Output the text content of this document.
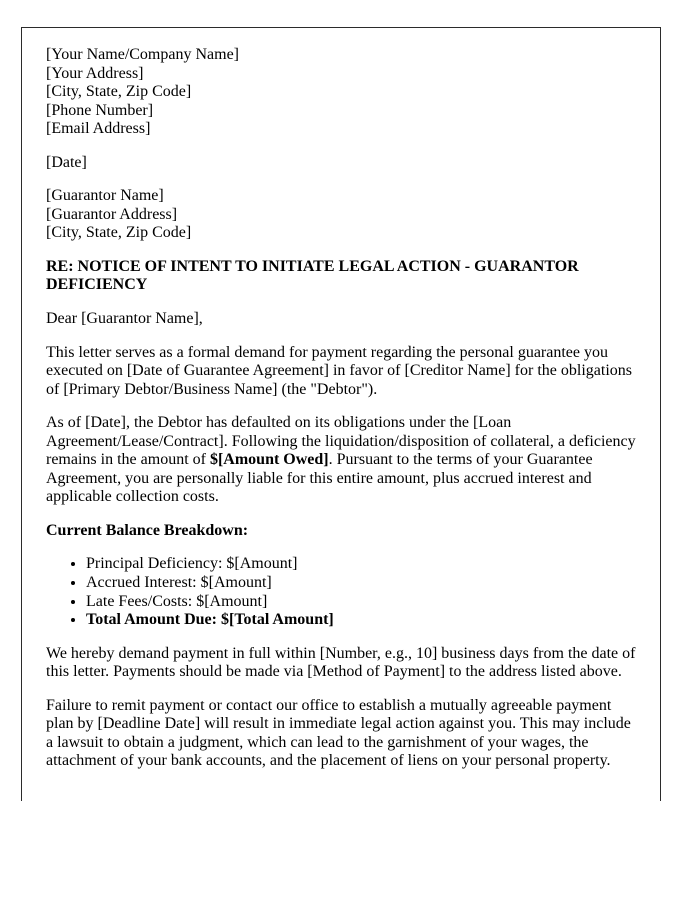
[Your Name/Company Name]
[Your Address]
[City, State, Zip Code]
[Phone Number]
[Email Address]

[Date]

[Guarantor Name]
[Guarantor Address]
[City, State, Zip Code]

RE: NOTICE OF INTENT TO INITIATE LEGAL ACTION - GUARANTOR DEFICIENCY

Dear [Guarantor Name],

This letter serves as a formal demand for payment regarding the personal guarantee you executed on [Date of Guarantee Agreement] in favor of [Creditor Name] for the obligations of [Primary Debtor/Business Name] (the "Debtor").

As of [Date], the Debtor has defaulted on its obligations under the [Loan Agreement/Lease/Contract]. Following the liquidation/disposition of collateral, a deficiency remains in the amount of $[Amount Owed]. Pursuant to the terms of your Guarantee Agreement, you are personally liable for this entire amount, plus accrued interest and applicable collection costs.

Current Balance Breakdown:

• Principal Deficiency: $[Amount]
• Accrued Interest: $[Amount]
• Late Fees/Costs: $[Amount]
• Total Amount Due: $[Total Amount]

We hereby demand payment in full within [Number, e.g., 10] business days from the date of this letter. Payments should be made via [Method of Payment] to the address listed above.

Failure to remit payment or contact our office to establish a mutually agreeable payment plan by [Deadline Date] will result in immediate legal action against you. This may include a lawsuit to obtain a judgment, which can lead to the garnishment of your wages, the attachment of your bank accounts, and the placement of liens on your personal property.
